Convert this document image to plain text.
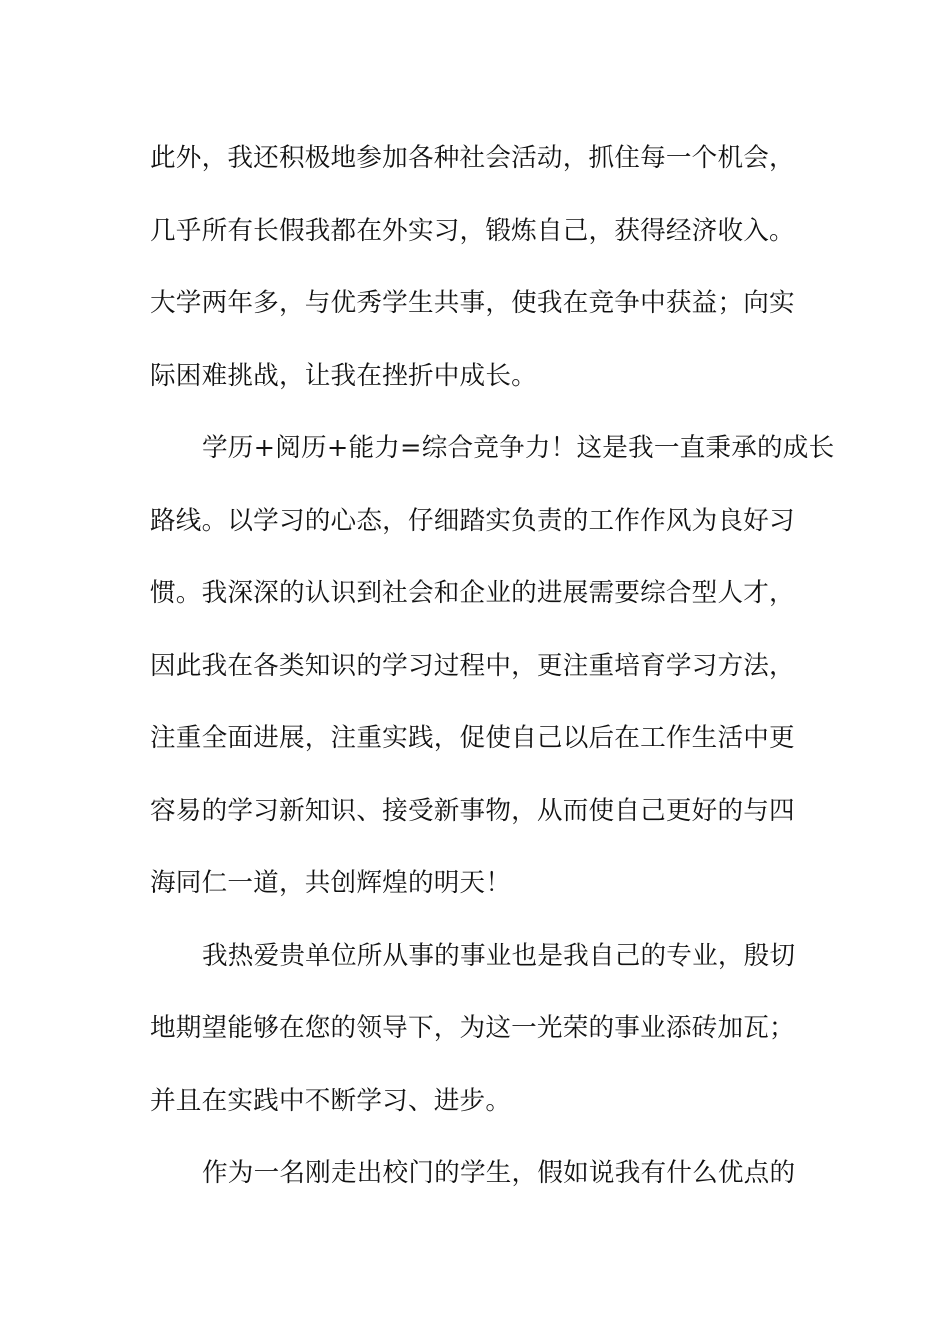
此外，我还积极地参加各种社会活动，抓住每一个机会，
几乎所有长假我都在外实习，锻炼自己，获得经济收入。
大学两年多，与优秀学生共事，使我在竞争中获益；向实
际困难挑战，让我在挫折中成长。
学历+阅历+能力=综合竞争力！这是我一直秉承的成长
路线。以学习的心态，仔细踏实负责的工作作风为良好习
惯。我深深的认识到社会和企业的进展需要综合型人才，
因此我在各类知识的学习过程中，更注重培育学习方法，
注重全面进展，注重实践，促使自己以后在工作生活中更
容易的学习新知识、接受新事物，从而使自己更好的与四
海同仁一道，共创辉煌的明天！
我热爱贵单位所从事的事业也是我自己的专业，殷切
地期望能够在您的领导下，为这一光荣的事业添砖加瓦；
并且在实践中不断学习、进步。
作为一名刚走出校门的学生，假如说我有什么优点的
